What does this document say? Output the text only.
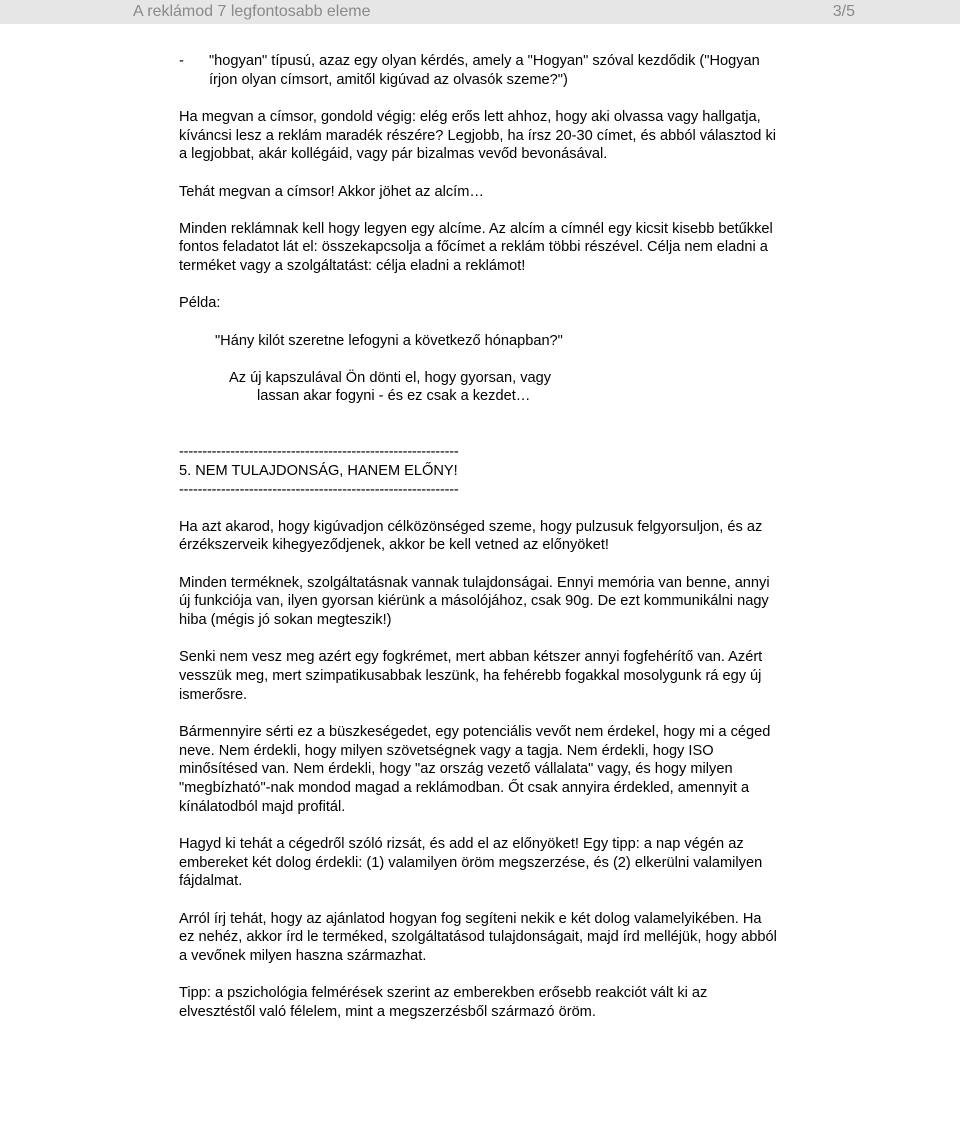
A reklámod 7 legfontosabb eleme	3/5

- "hogyan" típusú, azaz egy olyan kérdés, amely a "Hogyan" szóval kezdődik ("Hogyan írjon olyan címsort, amitől kigúvad az olvasók szeme?")

Ha megvan a címsor, gondold végig: elég erős lett ahhoz, hogy aki olvassa vagy hallgatja, kíváncsi lesz a reklám maradék részére? Legjobb, ha írsz 20-30 címet, és abból választod ki a legjobbat, akár kollégáid, vagy pár bizalmas vevőd bevonásával.

Tehát megvan a címsor! Akkor jöhet az alcím…

Minden reklámnak kell hogy legyen egy alcíme. Az alcím a címnél egy kicsit kisebb betűkkel fontos feladatot lát el: összekapcsolja a főcímet a reklám többi részével. Célja nem eladni a terméket vagy a szolgáltatást: célja eladni a reklámot!

Példa:

"Hány kilót szeretne lefogyni a következő hónapban?"

Az új kapszulával Ön dönti el, hogy gyorsan, vagy
lassan akar fogyni - és ez csak a kezdet…

------------------------------------------------------------

5. NEM TULAJDONSÁG, HANEM ELŐNY!

------------------------------------------------------------

Ha azt akarod, hogy kigúvadjon célközönséged szeme, hogy pulzusuk felgyorsuljon, és az érzékszerveik kihegyeződjenek, akkor be kell vetned az előnyöket!

Minden terméknek, szolgáltatásnak vannak tulajdonságai. Ennyi memória van benne, annyi új funkciója van, ilyen gyorsan kiérünk a másolójához, csak 90g. De ezt kommunikálni nagy hiba (mégis jó sokan megteszik!)

Senki nem vesz meg azért egy fogkrémet, mert abban kétszer annyi fogfehérítő van. Azért vesszük meg, mert szimpatikusabbak leszünk, ha fehérebb fogakkal mosolygunk rá egy új ismerősre.

Bármennyire sérti ez a büszkeségedet, egy potenciális vevőt nem érdekel, hogy mi a céged neve. Nem érdekli, hogy milyen szövetségnek vagy a tagja. Nem érdekli, hogy ISO minősítésed van. Nem érdekli, hogy "az ország vezető vállalata" vagy, és hogy milyen "megbízható"-nak mondod magad a reklámodban. Őt csak annyira érdekled, amennyit a kínálatodból majd profitál.

Hagyd ki tehát a cégedről szóló rizsát, és add el az előnyöket! Egy tipp: a nap végén az embereket két dolog érdekli: (1) valamilyen öröm megszerzése, és (2) elkerülni valamilyen fájdalmat.

Arról írj tehát, hogy az ajánlatod hogyan fog segíteni nekik e két dolog valamelyikében. Ha ez nehéz, akkor írd le terméked, szolgáltatásod tulajdonságait, majd írd melléjük, hogy abból a vevőnek milyen haszna származhat.

Tipp: a pszichológia felmérések szerint az emberekben erősebb reakciót vált ki az elvesztéstől való félelem, mint a megszerzésből származó öröm.
